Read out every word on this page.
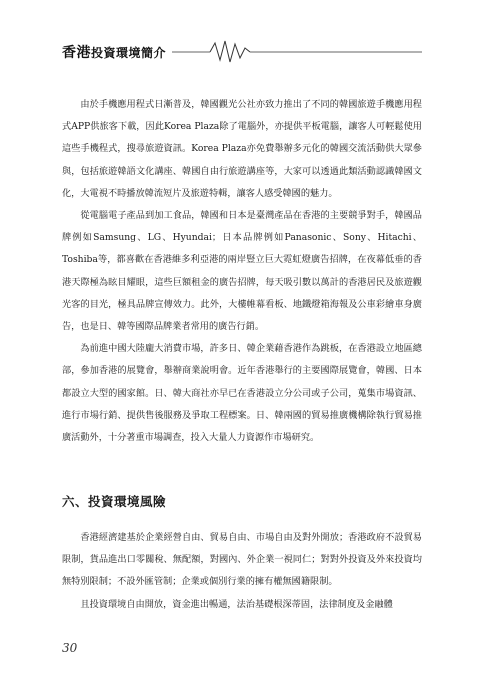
香港投資環境簡介

由於手機應用程式日漸普及，韓國觀光公社亦致力推出了不同的韓國旅遊手機應用程式APP供旅客下載，因此Korea Plaza除了電腦外，亦提供平板電腦，讓客人可輕鬆使用這些手機程式，搜尋旅遊資訊。Korea Plaza亦免費舉辦多元化的韓國交流活動供大眾參與，包括旅遊韓語文化講座、韓國自由行旅遊講座等，大家可以透過此類活動認識韓國文化，大電視不時播放韓流短片及旅遊特輯，讓客人感受韓國的魅力。

從電腦電子產品到加工食品，韓國和日本是臺灣產品在香港的主要競爭對手，韓國品牌例如Samsung、LG、Hyundai；日本品牌例如Panasonic、Sony、Hitachi、Toshiba等，都喜歡在香港維多利亞港的兩岸豎立巨大霓虹燈廣告招牌，在夜幕低垂的香港天際極為眩目耀眼，這些巨額租金的廣告招牌，每天吸引數以萬計的香港居民及旅遊觀光客的目光，極具品牌宣傳效力。此外，大樓帷幕看板、地鐵燈箱海報及公車彩繪車身廣告，也是日、韓等國際品牌業者常用的廣告行銷。

為前進中國大陸龐大消費市場，許多日、韓企業藉香港作為跳板，在香港設立地區總部，參加香港的展覽會，舉辦商業說明會。近年香港舉行的主要國際展覽會，韓國、日本都設立大型的國家館。日、韓大商社亦早已在香港設立分公司或子公司，蒐集市場資訊、進行市場行銷、提供售後服務及爭取工程標案。日、韓兩國的貿易推廣機構除執行貿易推廣活動外，十分著重市場調查，投入大量人力資源作市場研究。

六、投資環境風險

香港經濟建基於企業經營自由、貿易自由、市場自由及對外開放；香港政府不設貿易限制，貨品進出口零關稅、無配額，對國內、外企業一視同仁；對對外投資及外來投資均無特別限制；不設外匯管制；企業或個別行業的擁有權無國籍限制。

且投資環境自由開放，資金進出暢通，法治基礎根深蒂固，法律制度及金融體

30
